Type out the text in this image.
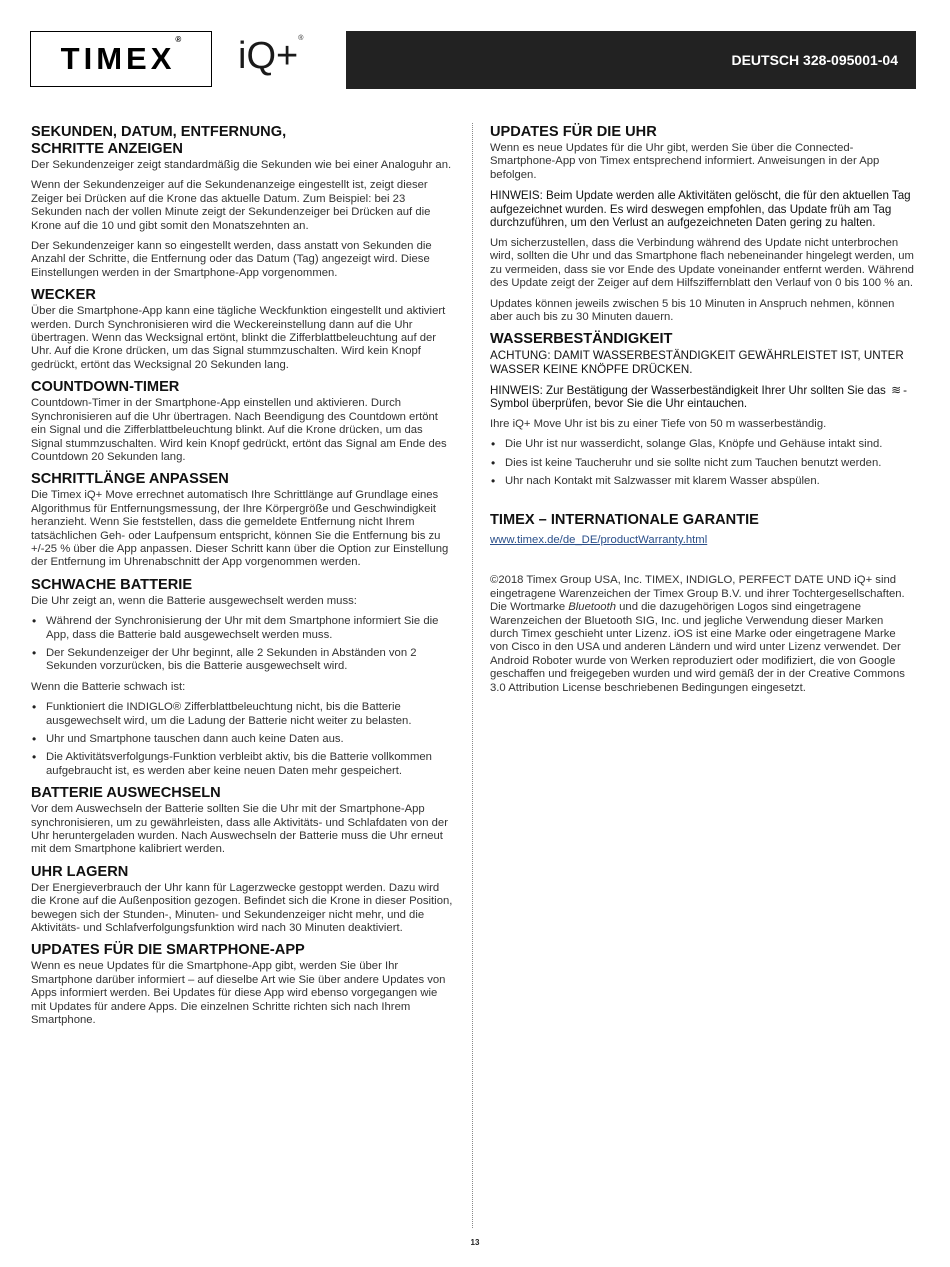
TIMEX® iQ+®
DEUTSCH 328-095001-04
SEKUNDEN, DATUM, ENTFERNUNG,
SCHRITTE ANZEIGEN

Der Sekundenzeiger zeigt standardmäßig die Sekunden wie bei einer Analoguhr an.

Wenn der Sekundenzeiger auf die Sekundenanzeige eingestellt ist, zeigt dieser Zeiger bei Drücken auf die Krone das aktuelle Datum. Zum Beispiel: bei 23 Sekunden nach der vollen Minute zeigt der Sekundenzeiger bei Drücken auf die Krone auf die 10 und gibt somit den Monatszehnten an.

Der Sekundenzeiger kann so eingestellt werden, dass anstatt von Sekunden die Anzahl der Schritte, die Entfernung oder das Datum (Tag) angezeigt wird. Diese Einstellungen werden in der Smartphone-App vorgenommen.

WECKER

Über die Smartphone-App kann eine tägliche Weckfunktion eingestellt und aktiviert werden. Durch Synchronisieren wird die Weckereinstellung dann auf die Uhr übertragen. Wenn das Wecksignal ertönt, blinkt die Zifferblattbeleuchtung auf der Uhr. Auf die Krone drücken, um das Signal stummzuschalten. Wird kein Knopf gedrückt, ertönt das Wecksignal 20 Sekunden lang.

COUNTDOWN-TIMER

Countdown-Timer in der Smartphone-App einstellen und aktivieren. Durch Synchronisieren auf die Uhr übertragen. Nach Beendigung des Countdown ertönt ein Signal und die Zifferblattbeleuchtung blinkt. Auf die Krone drücken, um das Signal stummzuschalten. Wird kein Knopf gedrückt, ertönt das Signal am Ende des Countdown 20 Sekunden lang.

SCHRITTLÄNGE ANPASSEN

Die Timex iQ+ Move errechnet automatisch Ihre Schrittlänge auf Grundlage eines Algorithmus für Entfernungsmessung, der Ihre Körpergröße und Geschwindigkeit heranzieht. Wenn Sie feststellen, dass die gemeldete Entfernung nicht Ihrem tatsächlichen Geh- oder Laufpensum entspricht, können Sie die Entfernung bis zu +/-25 % über die App anpassen. Dieser Schritt kann über die Option zur Einstellung der Entfernung im Uhrenabschnitt der App vorgenommen werden.

SCHWACHE BATTERIE

Die Uhr zeigt an, wenn die Batterie ausgewechselt werden muss:

• Während der Synchronisierung der Uhr mit dem Smartphone informiert Sie die App, dass die Batterie bald ausgewechselt werden muss.
• Der Sekundenzeiger der Uhr beginnt, alle 2 Sekunden in Abständen von 2 Sekunden vorzurücken, bis die Batterie ausgewechselt wird.

Wenn die Batterie schwach ist:

• Funktioniert die INDIGLO® Zifferblattbeleuchtung nicht, bis die Batterie ausgewechselt wird, um die Ladung der Batterie nicht weiter zu belasten.
• Uhr und Smartphone tauschen dann auch keine Daten aus.
• Die Aktivitätsverfolgungs-Funktion verbleibt aktiv, bis die Batterie vollkommen aufgebraucht ist, es werden aber keine neuen Daten mehr gespeichert.
BATTERIE AUSWECHSELN

Vor dem Auswechseln der Batterie sollten Sie die Uhr mit der Smartphone-App synchronisieren, um zu gewährleisten, dass alle Aktivitäts- und Schlafdaten von der Uhr heruntergeladen wurden. Nach Auswechseln der Batterie muss die Uhr erneut mit dem Smartphone kalibriert werden.

UHR LAGERN

Der Energieverbrauch der Uhr kann für Lagerzwecke gestoppt werden. Dazu wird die Krone auf die Außenposition gezogen. Befindet sich die Krone in dieser Position, bewegen sich der Stunden-, Minuten- und Sekundenzeiger nicht mehr, und die Aktivitäts- und Schlafverfolgungsfunktion wird nach 30 Minuten deaktiviert.

UPDATES FÜR DIE SMARTPHONE-APP

Wenn es neue Updates für die Smartphone-App gibt, werden Sie über Ihr Smartphone darüber informiert – auf dieselbe Art wie Sie über andere Updates von Apps informiert werden. Bei Updates für diese App wird ebenso vorgegangen wie mit Updates für andere Apps. Die einzelnen Schritte richten sich nach Ihrem Smartphone.

UPDATES FÜR DIE UHR

Wenn es neue Updates für die Uhr gibt, werden Sie über die Connected-Smartphone-App von Timex entsprechend informiert. Anweisungen in der App befolgen.

HINWEIS: Beim Update werden alle Aktivitäten gelöscht, die für den aktuellen Tag aufgezeichnet wurden. Es wird deswegen empfohlen, das Update früh am Tag durchzuführen, um den Verlust an aufgezeichneten Daten gering zu halten.

Um sicherzustellen, dass die Verbindung während des Update nicht unterbrochen wird, sollten die Uhr und das Smartphone flach nebeneinander hingelegt werden, um zu vermeiden, dass sie vor Ende des Update voneinander entfernt werden. Während des Update zeigt der Zeiger auf dem Hilfsziffernblatt den Verlauf von 0 bis 100 % an.

Updates können jeweils zwischen 5 bis 10 Minuten in Anspruch nehmen, können aber auch bis zu 30 Minuten dauern.

WASSERBESTÄNDIGKEIT

ACHTUNG: DAMIT WASSERBESTÄNDIGKEIT GEWÄHRLEISTET IST, UNTER WASSER KEINE KNÖPFE DRÜCKEN.

HINWEIS: Zur Bestätigung der Wasserbeständigkeit Ihrer Uhr sollten Sie das ≋ -Symbol überprüfen, bevor Sie die Uhr eintauchen.

Ihre iQ+ Move Uhr ist bis zu einer Tiefe von 50 m wasserbeständig.

• Die Uhr ist nur wasserdicht, solange Glas, Knöpfe und Gehäuse intakt sind.
• Dies ist keine Taucheruhr und sie sollte nicht zum Tauchen benutzt werden.
• Uhr nach Kontakt mit Salzwasser mit klarem Wasser abspülen.
TIMEX – INTERNATIONALE GARANTIE
www.timex.de/de_DE/productWarranty.html

©2018 Timex Group USA, Inc. TIMEX, INDIGLO, PERFECT DATE UND iQ+ sind eingetragene Warenzeichen der Timex Group B.V. und ihrer Tochtergesellschaften. Die Wortmarke Bluetooth und die dazugehörigen Logos sind eingetragene Warenzeichen der Bluetooth SIG, Inc. und jegliche Verwendung dieser Marken durch Timex geschieht unter Lizenz. iOS ist eine Marke oder eingetragene Marke von Cisco in den USA und anderen Ländern und wird unter Lizenz verwendet. Der Android Roboter wurde von Werken reproduziert oder modifiziert, die von Google geschaffen und freigegeben wurden und wird gemäß der in der Creative Commons 3.0 Attribution License beschriebenen Bedingungen eingesetzt.

13
